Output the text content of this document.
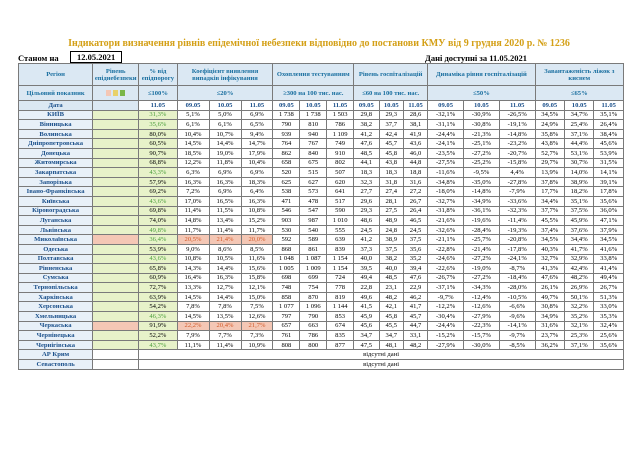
Індикатори визначення рівнів епідемічної небезпеки відповідно до постанови КМУ від 9 грудня 2020 р. № 1236
Станом на	12.05.2021	Дані доступні за 11.05.2021
Регіон	Рівень епіднебезпеки	% від епідпорогу	Коефіцієнт виявлення випадків інфікування			Охоплення тестуванням			Рівень госпіталізацій			Динаміка рівня госпіталізацій			Завантаженість ліжок з киснем		
Цільовий показник		≤100%	≤20%			≥300 на 100 тис. нас.			≤60 на 100 тис. нас.			≤50%			≤65%		
Дата		11.05	09.05	10.05	11.05	09.05	10.05	11.05	09.05	10.05	11.05	09.05	10.05	11.05	09.05	10.05	11.05
КИЇВ		31,3%	5,1%	5,0%	6,9%	1 738	1 738	1 503	29,8	29,3	28,6	-32,1%	-30,9%	-26,5%	34,5%	34,7%	35,1%
Вінницька		35,6%	6,1%	6,1%	6,5%	790	810	786	38,2	37,7	38,1	-31,1%	-30,8%	-19,1%	24,9%	25,4%	26,4%
Волинська		80,0%	10,4%	10,7%	9,4%	939	940	1 109	41,2	42,4	41,9	-24,4%	-21,3%	-14,8%	35,8%	37,1%	38,4%
Дніпропетровська		60,5%	14,5%	14,4%	14,7%	764	767	749	47,6	45,7	43,6	-24,1%	-25,1%	-23,2%	43,8%	44,4%	45,6%
Донецька		90,7%	18,5%	19,0%	17,9%	862	840	910	48,5	45,8	46,0	-23,5%	-27,2%	-20,7%	52,7%	53,1%	53,9%
Житомирська		68,8%	12,2%	11,8%	10,4%	658	675	802	44,1	43,8	44,8	-27,5%	-25,2%	-15,8%	29,7%	30,7%	31,5%
Закарпатська		43,3%	6,3%	6,9%	6,9%	520	515	507	18,3	18,3	18,8	-11,6%	-9,5%	4,4%	13,9%	14,0%	14,1%
Запорізька		57,9%	16,3%	16,3%	18,3%	625	627	620	32,3	31,8	31,6	-34,8%	-35,0%	-27,8%	37,8%	38,9%	39,1%
Івано-Франківська		69,2%	7,2%	6,9%	6,4%	538	573	641	27,7	27,4	27,2	-18,0%	-14,8%	-7,9%	17,7%	18,2%	17,8%
Київська		43,6%	17,0%	16,5%	16,3%	471	478	517	29,6	28,1	26,7	-32,7%	-34,9%	-33,6%	34,4%	35,1%	35,6%
Кіровоградська		69,8%	11,4%	11,5%	10,8%	546	547	590	29,3	27,5	26,4	-31,8%	-36,1%	-32,3%	37,7%	37,5%	36,0%
Луганська		74,0%	14,8%	13,4%	15,2%	903	987	1 010	48,6	48,9	46,5	-21,6%	-19,6%	-11,4%	45,5%	45,9%	47,1%
Львівська		49,8%	11,7%	11,4%	11,7%	530	540	555	24,5	24,8	24,5	-32,6%	-28,4%	-19,3%	37,4%	37,6%	37,9%
Миколаївська		36,4%	20,5%	21,4%	20,0%	592	589	639	41,2	38,9	37,5	-21,1%	-25,7%	-20,8%	34,5%	34,4%	34,5%
Одеська		53,9%	9,0%	8,6%	8,5%	868	861	839	37,3	37,5	35,6	-22,8%	-21,4%	-17,8%	40,3%	41,7%	41,6%
Полтавська		43,6%	10,8%	10,5%	11,6%	1 048	1 087	1 154	40,0	38,2	35,2	-24,6%	-27,2%	-24,1%	32,7%	32,9%	33,8%
Рівненська		65,8%	14,3%	14,4%	15,6%	1 005	1 009	1 154	39,5	40,0	39,4	-22,6%	-19,0%	-8,7%	41,3%	42,4%	41,4%
Сумська		60,9%	16,4%	16,3%	15,8%	698	699	724	49,4	48,5	47,6	-26,7%	-27,2%	-18,4%	47,6%	48,2%	49,4%
Тернопільська		72,7%	13,3%	12,7%	12,1%	748	754	778	22,8	23,1	22,9	-37,1%	-34,3%	-28,0%	26,1%	26,9%	26,7%
Харківська		63,9%	14,5%	14,4%	15,0%	858	870	819	49,6	48,2	46,2	-9,7%	-12,4%	-10,5%	49,7%	50,1%	51,3%
Херсонська		54,2%	7,8%	7,8%	7,5%	1 077	1 096	1 144	41,5	42,1	41,7	-12,2%	-12,6%	-6,6%	30,8%	32,2%	33,0%
Хмельницька		46,3%	14,5%	13,5%	12,6%	797	790	853	45,9	45,8	45,7	-30,4%	-27,9%	-9,6%	34,9%	35,2%	35,3%
Черкаська		91,9%	22,2%	20,4%	21,7%	657	663	674	45,6	45,5	44,7	-24,4%	-22,3%	-14,1%	31,6%	32,1%	32,4%
Чернівецька		52,2%	7,9%	7,7%	7,3%	761	786	835	34,7	34,7	33,1	-15,2%	-15,7%	-9,7%	23,7%	25,3%	25,6%
Чернігівська		43,7%	11,1%	11,4%	10,9%	808	800	877	47,5	48,1	48,2	-27,9%	-30,0%	-8,5%	36,2%	37,1%	35,6%
АР Крим		відсутні дані															
Севастополь		відсутні дані															
